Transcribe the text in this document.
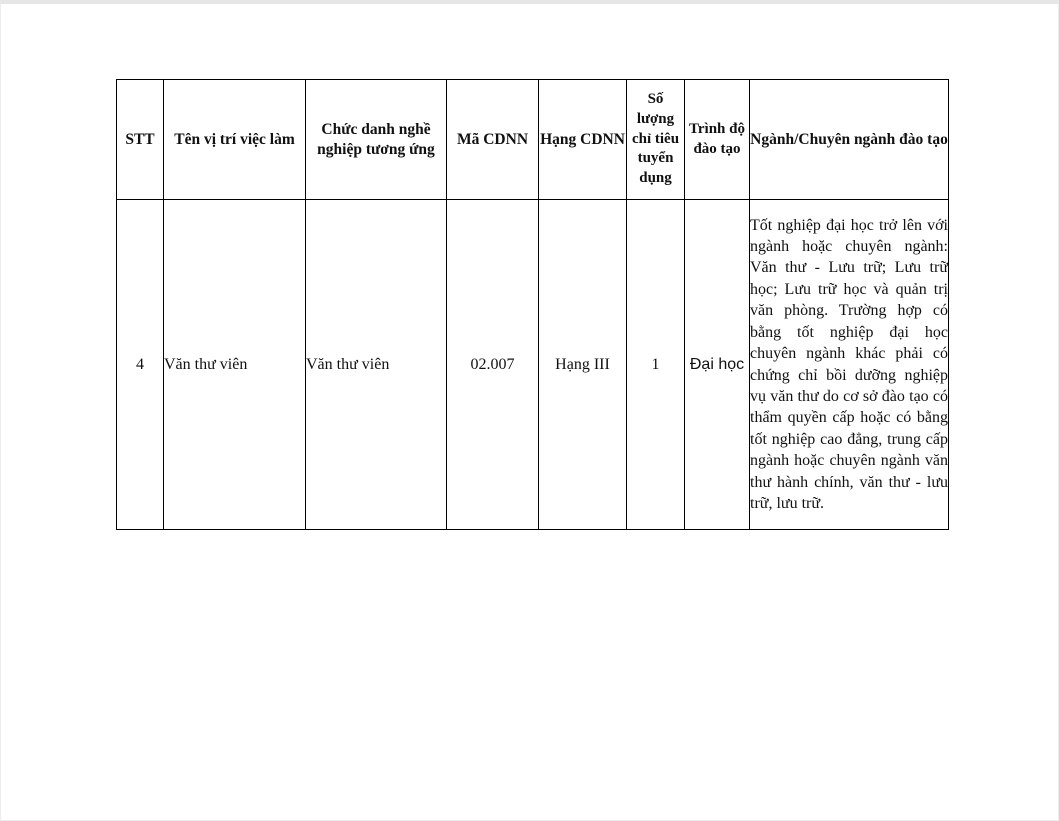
STT	Tên vị trí việc làm	Chức danh nghề nghiệp tương ứng	Mã CDNN	Hạng CDNN	Số lượng chỉ tiêu tuyển dụng	Trình độ đào tạo	Ngành/Chuyên ngành đào tạo
4	Văn thư viên	Văn thư viên	02.007	Hạng III	1	Đại học	Tốt nghiệp đại học trở lên với ngành hoặc chuyên ngành: Văn thư - Lưu trữ; Lưu trữ học; Lưu trữ học và quản trị văn phòng. Trường hợp có bằng tốt nghiệp đại học chuyên ngành khác phải có chứng chỉ bồi dưỡng nghiệp vụ văn thư do cơ sở đào tạo có thẩm quyền cấp hoặc có bằng tốt nghiệp cao đẳng, trung cấp ngành hoặc chuyên ngành văn thư hành chính, văn thư - lưu trữ, lưu trữ.
